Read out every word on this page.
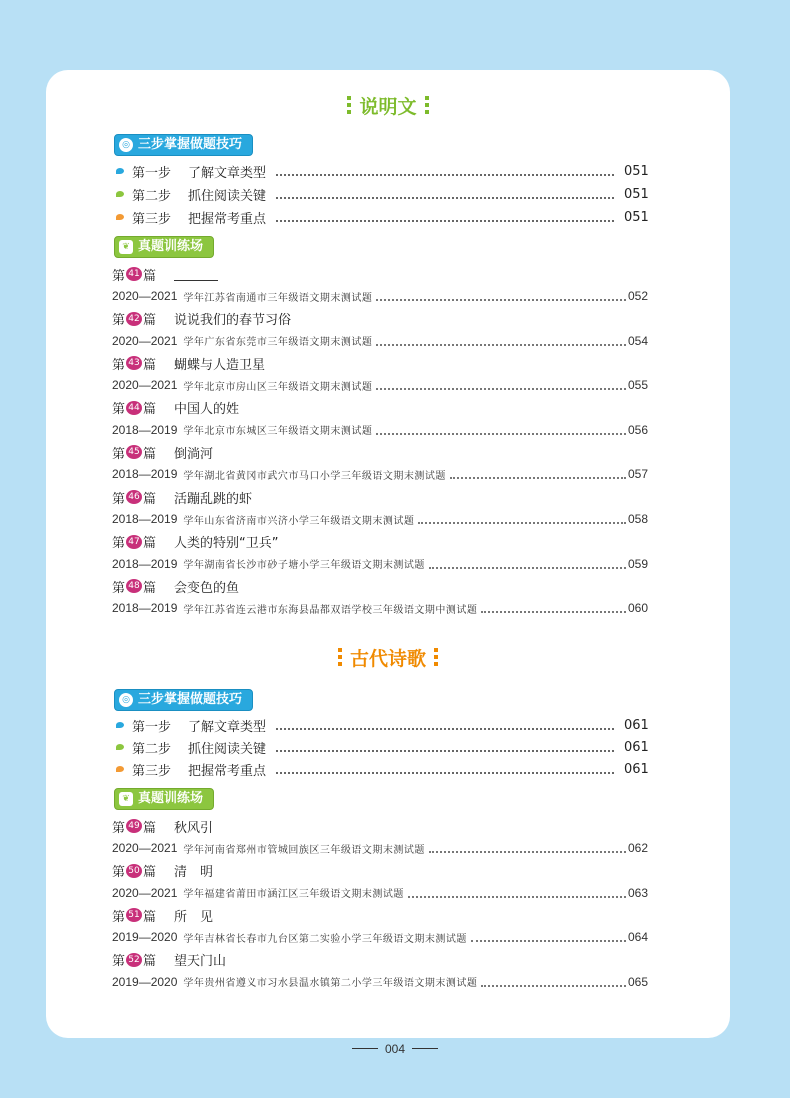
说明文
◎ 三步掌握做题技巧
第一步	了解文章类型	051
第二步	抓住阅读关键	051
第三步	把握常考重点	051
❦ 真题训练场
第 41 篇
2020—2021 学年江苏省南通市三年级语文期末测试题	052
第 42 篇 说说我们的春节习俗
2020—2021 学年广东省东莞市三年级语文期末测试题	054
第 43 篇 蝴蝶与人造卫星
2020—2021 学年北京市房山区三年级语文期末测试题	055
第 44 篇 中国人的姓
2018—2019 学年北京市东城区三年级语文期末测试题	056
第 45 篇 倒淌河
2018—2019 学年湖北省黄冈市武穴市马口小学三年级语文期末测试题	057
第 46 篇 活蹦乱跳的虾
2018—2019 学年山东省济南市兴济小学三年级语文期末测试题	058
第 47 篇 人类的特别“卫兵”
2018—2019 学年湖南省长沙市砂子塘小学三年级语文期末测试题	059
第 48 篇 会变色的鱼
2018—2019 学年江苏省连云港市东海县晶都双语学校三年级语文期中测试题	060
古代诗歌
◎ 三步掌握做题技巧
第一步	了解文章类型	061
第二步	抓住阅读关键	061
第三步	把握常考重点	061
❦ 真题训练场
第 49 篇 秋风引
2020—2021 学年河南省郑州市管城回族区三年级语文期末测试题	062
第 50 篇 清　明
2020—2021 学年福建省莆田市涵江区三年级语文期末测试题	063
第 51 篇 所　见
2019—2020 学年吉林省长春市九台区第二实验小学三年级语文期末测试题	064
第 52 篇 望天门山
2019—2020 学年贵州省遵义市习水县温水镇第二小学三年级语文期末测试题	065
004
